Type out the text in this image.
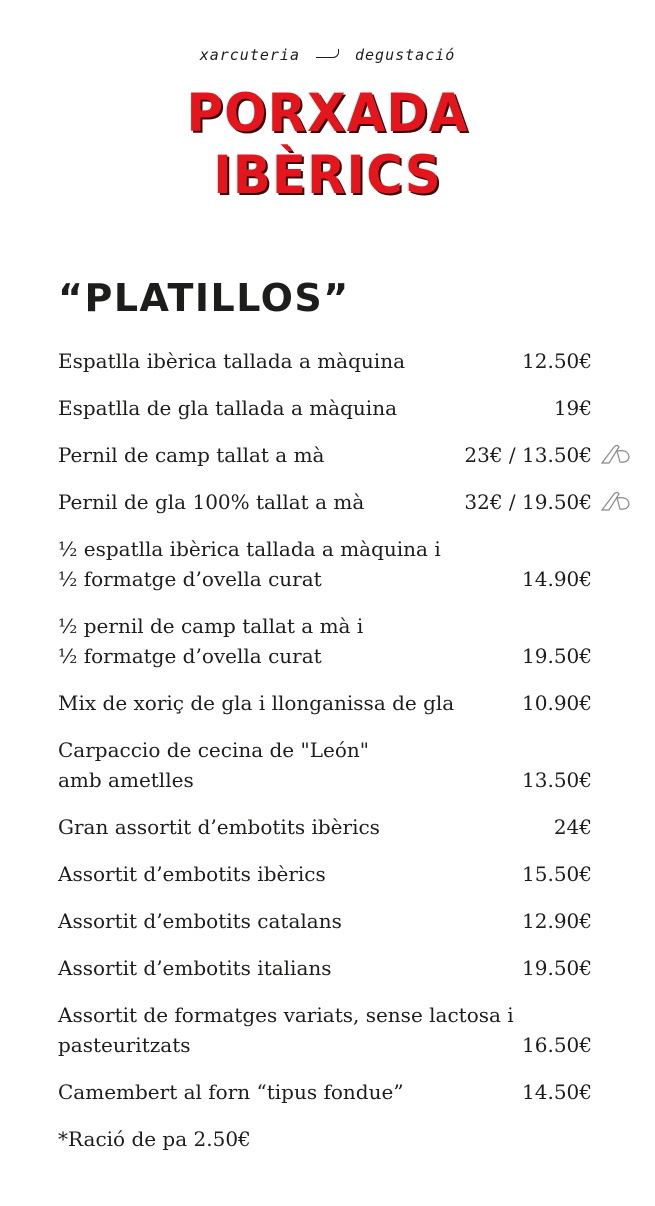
xarcuteria	degustació
PORXADA
IBÈRICS
“PLATILLOS”
Espatlla ibèrica tallada a màquina	12.50€
Espatlla de gla tallada a màquina	19€
Pernil de camp tallat a mà	23€ / 13.50€
Pernil de gla 100% tallat a mà	32€ / 19.50€
½ espatlla ibèrica tallada a màquina i
½ formatge d’ovella curat	14.90€
½ pernil de camp tallat a mà i
½ formatge d’ovella curat	19.50€
Mix de xoriç de gla i llonganissa de gla	10.90€
Carpaccio de cecina de "León"
amb ametlles	13.50€
Gran assortit d’embotits ibèrics	24€
Assortit d’embotits ibèrics	15.50€
Assortit d’embotits catalans	12.90€
Assortit d’embotits italians	19.50€
Assortit de formatges variats, sense lactosa i
pasteuritzats	16.50€
Camembert al forn “tipus fondue”	14.50€
*Ració de pa 2.50€
